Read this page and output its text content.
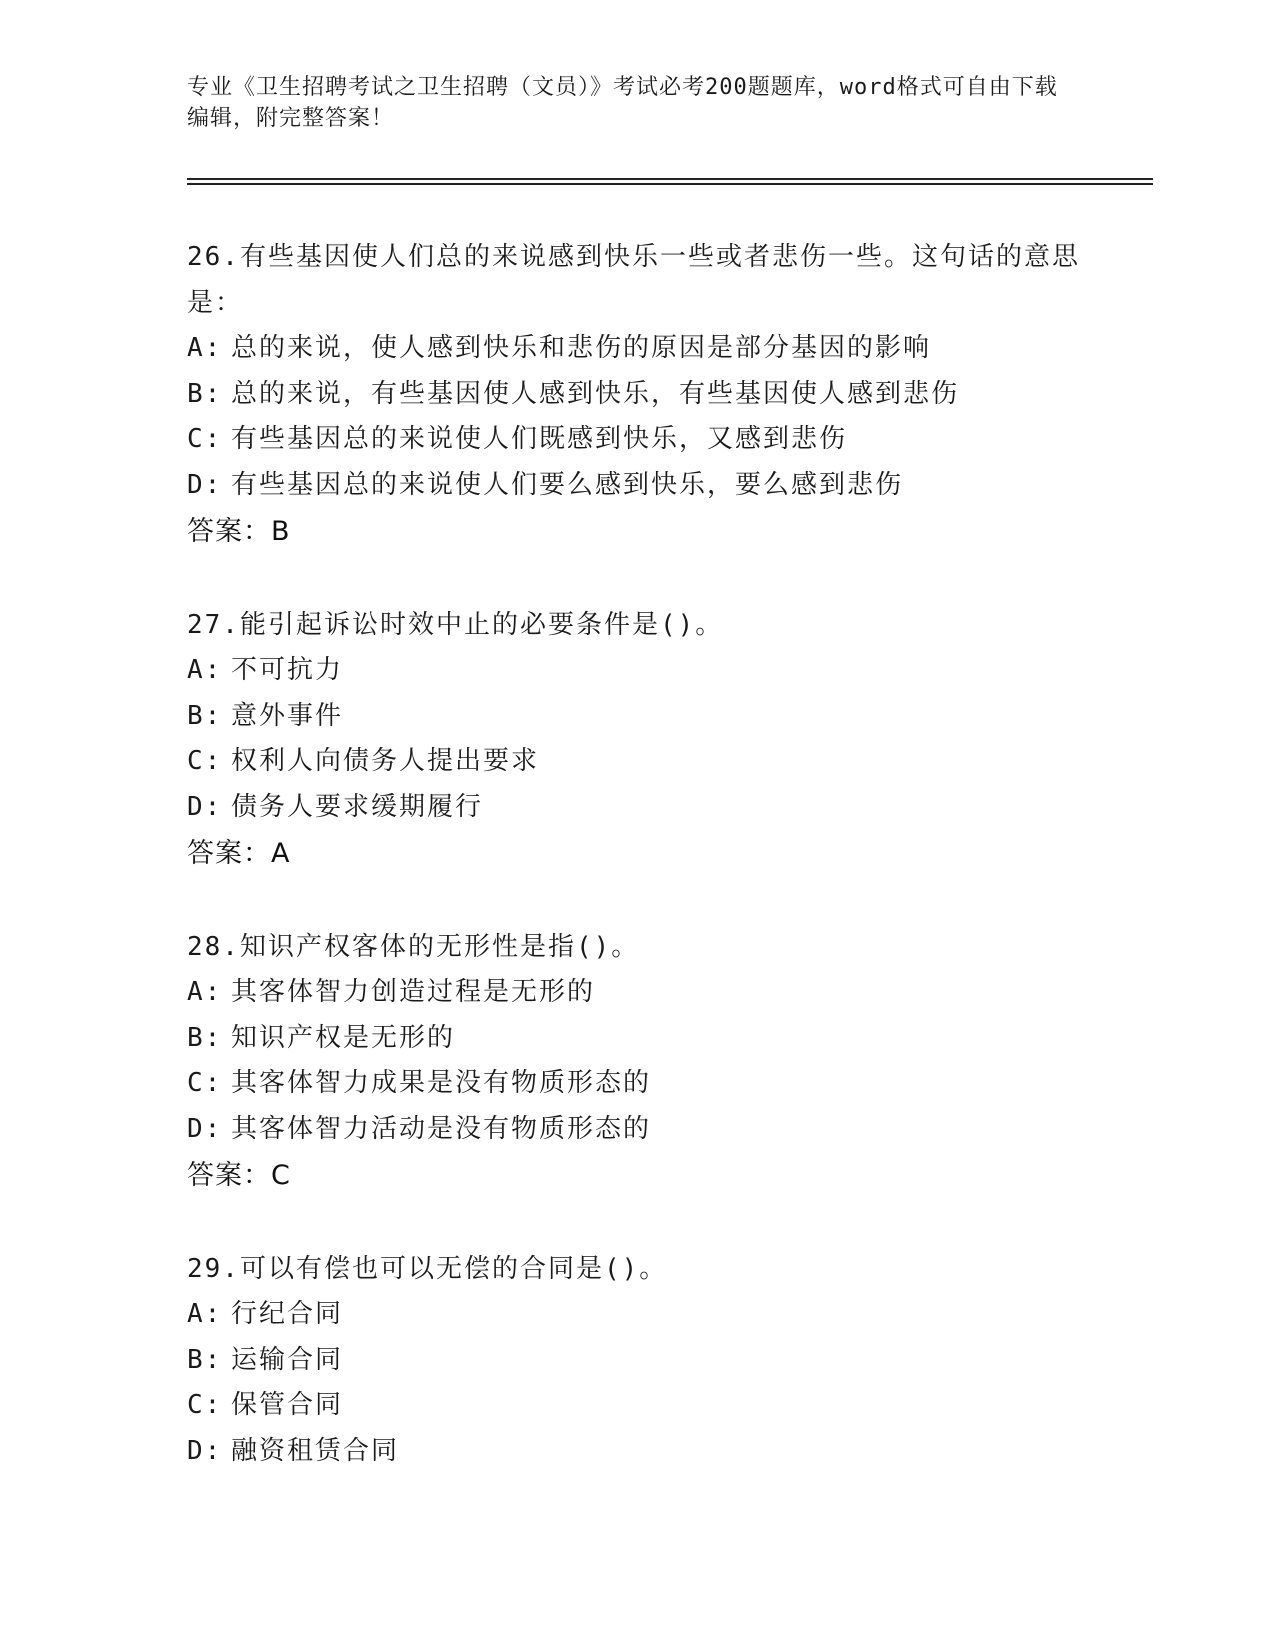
专业《卫生招聘考试之卫生招聘（文员）》考试必考200题题库，word格式可自由下载编辑，附完整答案！
26.有些基因使人们总的来说感到快乐一些或者悲伤一些。这句话的意思是：
A: 总的来说，使人感到快乐和悲伤的原因是部分基因的影响
B: 总的来说，有些基因使人感到快乐，有些基因使人感到悲伤
C: 有些基因总的来说使人们既感到快乐，又感到悲伤
D: 有些基因总的来说使人们要么感到快乐，要么感到悲伤
答案：B
27.能引起诉讼时效中止的必要条件是()。
A: 不可抗力
B: 意外事件
C: 权利人向债务人提出要求
D: 债务人要求缓期履行
答案：A
28.知识产权客体的无形性是指()。
A: 其客体智力创造过程是无形的
B: 知识产权是无形的
C: 其客体智力成果是没有物质形态的
D: 其客体智力活动是没有物质形态的
答案：C
29.可以有偿也可以无偿的合同是()。
A: 行纪合同
B: 运输合同
C: 保管合同
D: 融资租赁合同
